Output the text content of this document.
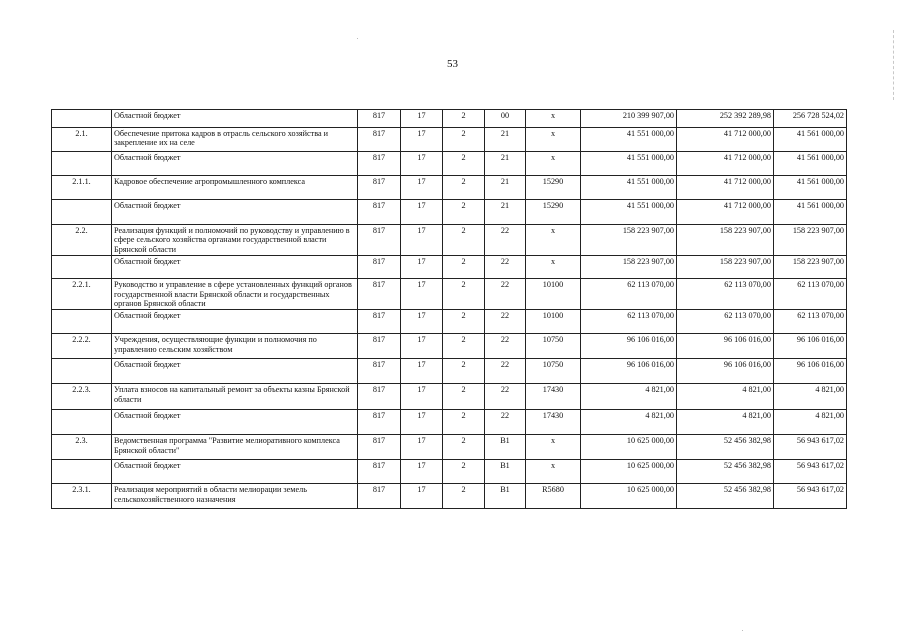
53
	Областной бюджет	817	17	2	00	х	210 399 907,00	252 392 289,98	256 728 524,02
2.1.	Обеспечение притока кадров в отрасль сельского хозяйства и закрепление их на селе	817	17	2	21	х	41 551 000,00	41 712 000,00	41 561 000,00
	Областной бюджет	817	17	2	21	х	41 551 000,00	41 712 000,00	41 561 000,00
2.1.1.	Кадровое обеспечение агропромышленного комплекса	817	17	2	21	15290	41 551 000,00	41 712 000,00	41 561 000,00
	Областной бюджет	817	17	2	21	15290	41 551 000,00	41 712 000,00	41 561 000,00
2.2.	Реализация функций и полномочий по руководству и управлению в сфере сельского хозяйства органами государственной власти Брянской области	817	17	2	22	х	158 223 907,00	158 223 907,00	158 223 907,00
	Областной бюджет	817	17	2	22	х	158 223 907,00	158 223 907,00	158 223 907,00
2.2.1.	Руководство и управление в сфере установленных функций органов государственной власти Брянской области и государственных органов Брянской области	817	17	2	22	10100	62 113 070,00	62 113 070,00	62 113 070,00
	Областной бюджет	817	17	2	22	10100	62 113 070,00	62 113 070,00	62 113 070,00
2.2.2.	Учреждения, осуществляющие функции и полномочия по управлению сельским хозяйством	817	17	2	22	10750	96 106 016,00	96 106 016,00	96 106 016,00
	Областной бюджет	817	17	2	22	10750	96 106 016,00	96 106 016,00	96 106 016,00
2.2.3.	Уплата взносов на капитальный ремонт за объекты казны Брянской области	817	17	2	22	17430	4 821,00	4 821,00	4 821,00
	Областной бюджет	817	17	2	22	17430	4 821,00	4 821,00	4 821,00
2.3.	Ведомственная программа "Развитие мелиоративного комплекса Брянской области"	817	17	2	В1	х	10 625 000,00	52 456 382,98	56 943 617,02
	Областной бюджет	817	17	2	В1	х	10 625 000,00	52 456 382,98	56 943 617,02
2.3.1.	Реализация мероприятий в области мелиорации земель сельскохозяйственного назначения	817	17	2	В1	R5680	10 625 000,00	52 456 382,98	56 943 617,02
